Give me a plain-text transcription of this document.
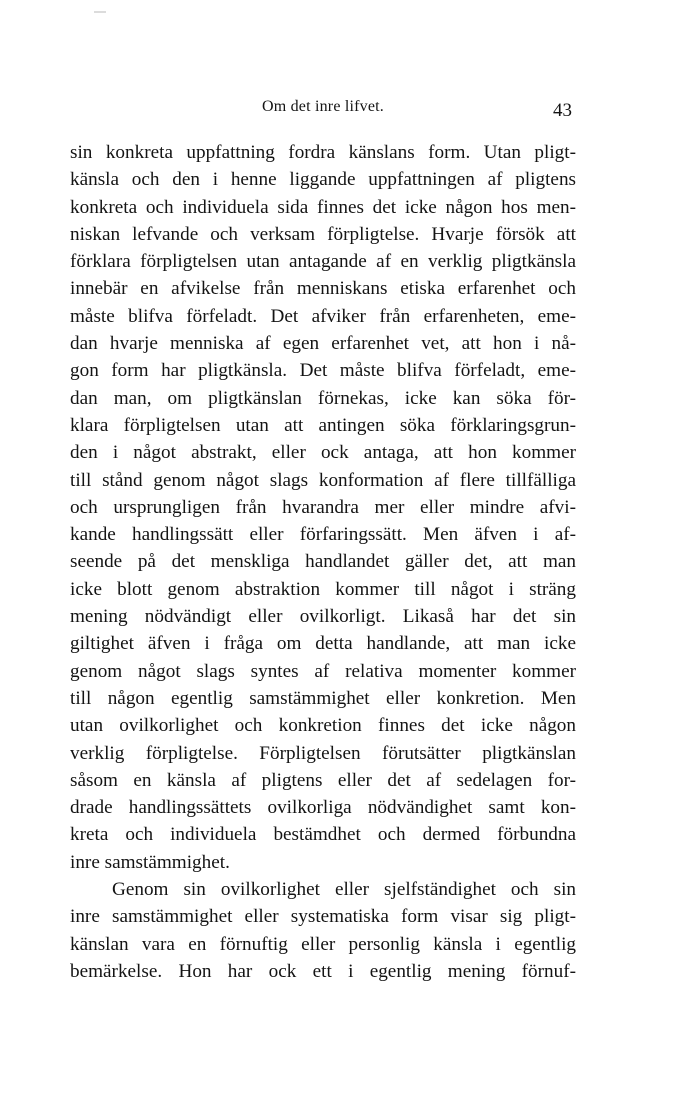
Om det inre lifvet.	43
sin konkreta uppfattning fordra känslans form. Utan pligt-
känsla och den i henne liggande uppfattningen af pligtens
konkreta och individuela sida finnes det icke någon hos men-
niskan lefvande och verksam förpligtelse. Hvarje försök att
förklara förpligtelsen utan antagande af en verklig pligtkänsla
innebär en afvikelse från menniskans etiska erfarenhet och
måste blifva förfeladt. Det afviker från erfarenheten, eme-
dan hvarje menniska af egen erfarenhet vet, att hon i nå-
gon form har pligtkänsla. Det måste blifva förfeladt, eme-
dan man, om pligtkänslan förnekas, icke kan söka för-
klara förpligtelsen utan att antingen söka förklaringsgrun-
den i något abstrakt, eller ock antaga, att hon kommer
till stånd genom något slags konformation af flere tillfälliga
och ursprungligen från hvarandra mer eller mindre afvi-
kande handlingssätt eller förfaringssätt. Men äfven i af-
seende på det menskliga handlandet gäller det, att man
icke blott genom abstraktion kommer till något i sträng
mening nödvändigt eller ovilkorligt. Likaså har det sin
giltighet äfven i fråga om detta handlande, att man icke
genom något slags syntes af relativa momenter kommer
till någon egentlig samstämmighet eller konkretion. Men
utan ovilkorlighet och konkretion finnes det icke någon
verklig förpligtelse. Förpligtelsen förutsätter pligtkänslan
såsom en känsla af pligtens eller det af sedelagen for-
drade handlingssättets ovilkorliga nödvändighet samt kon-
kreta och individuela bestämdhet och dermed förbundna
inre samstämmighet.
Genom sin ovilkorlighet eller sjelfständighet och sin
inre samstämmighet eller systematiska form visar sig pligt-
känslan vara en förnuftig eller personlig känsla i egentlig
bemärkelse. Hon har ock ett i egentlig mening förnuf-
